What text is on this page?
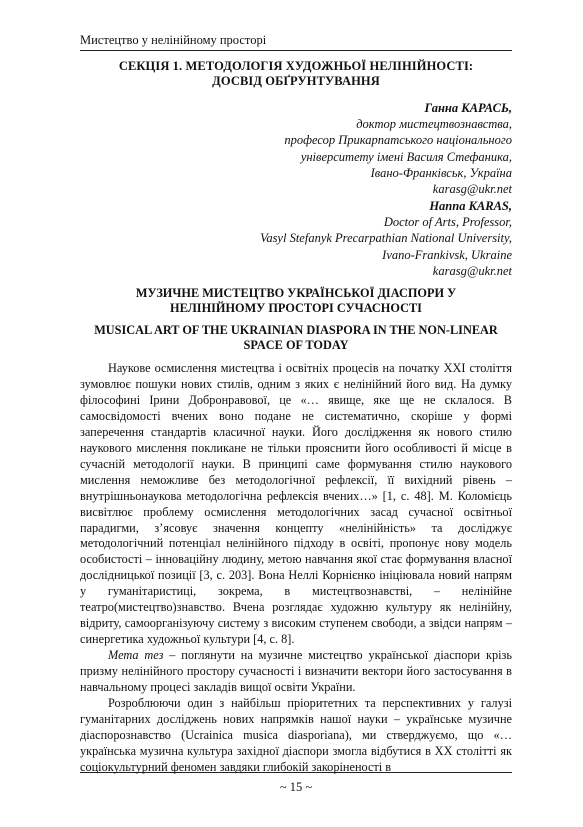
Мистецтво у нелінійному просторі
СЕКЦІЯ 1. МЕТОДОЛОГІЯ ХУДОЖНЬОЇ НЕЛІНІЙНОСТІ:
ДОСВІД ОБҐРУНТУВАННЯ
Ганна КАРАСЬ,
доктор мистецтвознавства,
професор Прикарпатського національного
університету імені Василя Стефаника,
Івано-Франківськ, Україна
karasg@ukr.net
Hanna KARAS,
Doctor of Arts, Professor,
Vasyl Stefanyk Precarpathian National University,
Ivano-Frankivsk, Ukraine
karasg@ukr.net
МУЗИЧНЕ МИСТЕЦТВО УКРАЇНСЬКОЇ ДІАСПОРИ У
НЕЛІНІЙНОМУ ПРОСТОРІ СУЧАСНОСТІ
MUSICAL ART OF THE UKRAINIAN DIASPORA IN THE NON-LINEAR
SPACE OF TODAY

Наукове осмислення мистецтва і освітніх процесів на початку ХХІ століття зумовлює пошуки нових стилів, одним з яких є нелінійний його вид. На думку філософині Ірини Добронравової, це «… явище, яке ще не склалося. В самосвідомості вчених воно подане не систематично, скоріше у формі заперечення стандартів класичної науки. Його дослідження як нового стилю наукового мислення покликане не тільки прояснити його особливості й місце в сучасній методології науки. В принципі саме формування стилю наукового мислення неможливе без методологічної рефлексії, її вихідний рівень – внутрішньонаукова методологічна рефлексія вчених…» [1, с. 48]. М. Коломієць висвітлює проблему осмислення методологічних засад сучасної освітньої парадигми, з’ясовує значення концепту «нелінійність» та досліджує методологічний потенціал нелінійного підходу в освіті, пропонує нову модель особистості – інноваційну людину, метою навчання якої стає формування власної дослідницької позиції [3, с. 203]. Вона Неллі Корнієнко ініціювала новий напрям у гуманітаристиці, зокрема, в мистецтвознавстві, – нелінійне театро(мистецтво)знавство. Вчена розглядає художню культуру як нелінійну, відриту, самоорганізуючу систему з високим ступенем свободи, а звідси напрям – синергетика художньої культури [4, с. 8].

Мета тез – поглянути на музичне мистецтво української діаспори крізь призму нелінійного простору сучасності і визначити вектори його застосування в навчальному процесі закладів вищої освіти України.

Розроблюючи один з найбільш пріоритетних та перспективних у галузі гуманітарних досліджень нових напрямків нашої науки – українське музичне діаспорознавство (Ucrainica musica diasporiana), ми стверджуємо, що «…українська музична культура західної діаспори змогла відбутися в ХХ столітті як соціокультурний феномен завдяки глибокій закоріненості в

~ 15 ~
